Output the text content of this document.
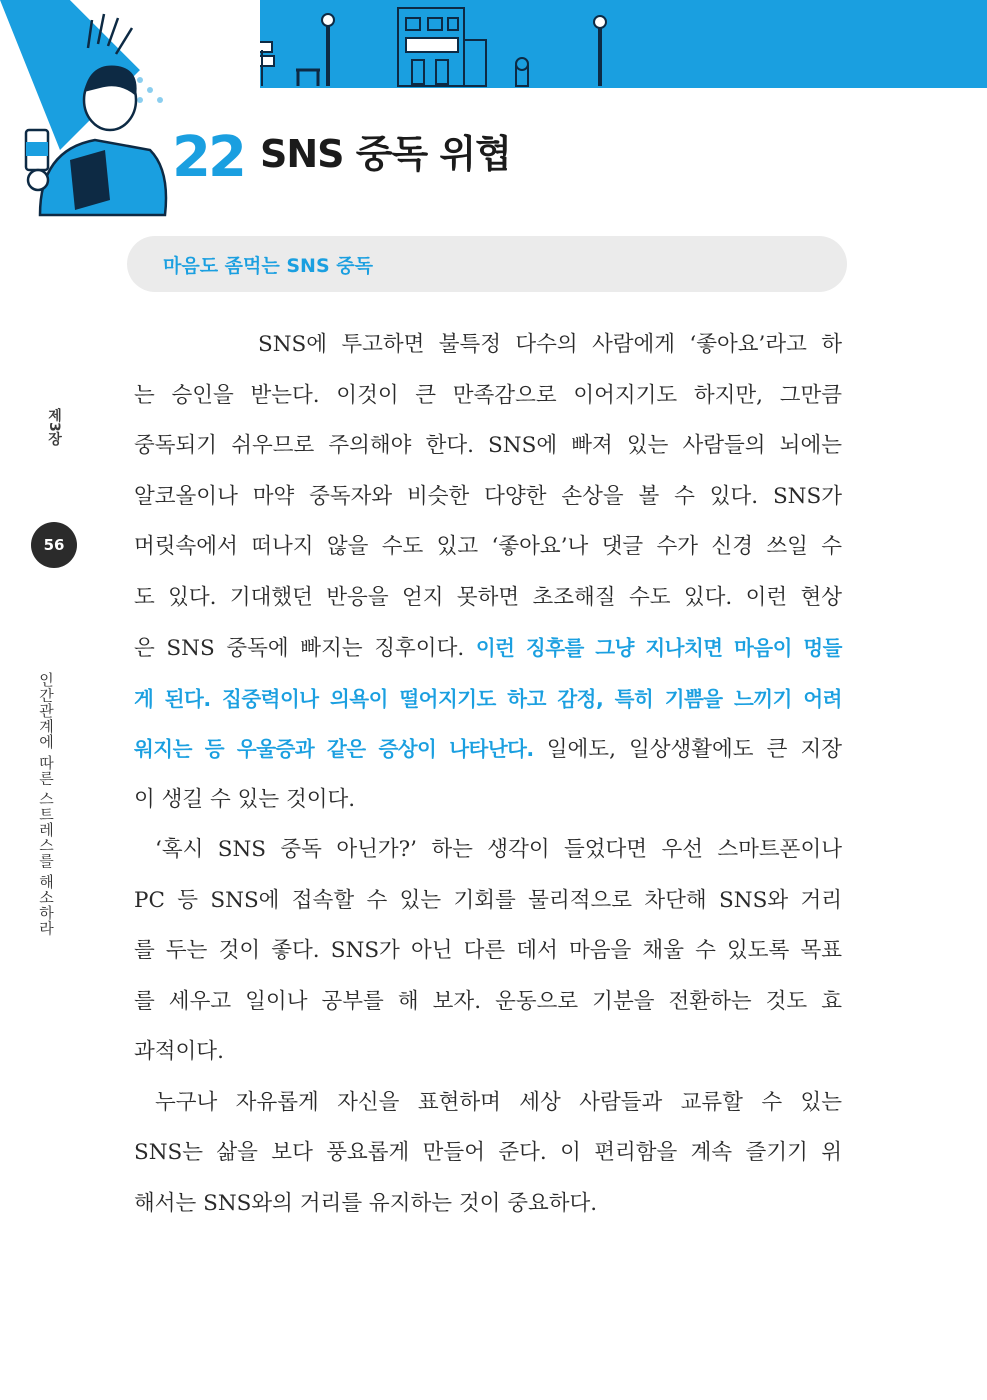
22 SNS 중독 위협
마음도 좀먹는 SNS 중독
제3장
56
인간관계에 따른 스트레스를 해소하라
SNS에 투고하면 불특정 다수의 사람에게 ‘좋아요’라고 하
는 승인을 받는다. 이것이 큰 만족감으로 이어지기도 하지만, 그만큼
중독되기 쉬우므로 주의해야 한다. SNS에 빠져 있는 사람들의 뇌에는
알코올이나 마약 중독자와 비슷한 다양한 손상을 볼 수 있다. SNS가
머릿속에서 떠나지 않을 수도 있고 ‘좋아요’나 댓글 수가 신경 쓰일 수
도 있다. 기대했던 반응을 얻지 못하면 초조해질 수도 있다. 이런 현상
은 SNS 중독에 빠지는 징후이다. 이런 징후를 그냥 지나치면 마음이 멍들
게 된다. 집중력이나 의욕이 떨어지기도 하고 감정, 특히 기쁨을 느끼기 어려
워지는 등 우울증과 같은 증상이 나타난다. 일에도, 일상생활에도 큰 지장
이 생길 수 있는 것이다.
‘혹시 SNS 중독 아닌가?’ 하는 생각이 들었다면 우선 스마트폰이나
PC 등 SNS에 접속할 수 있는 기회를 물리적으로 차단해 SNS와 거리
를 두는 것이 좋다. SNS가 아닌 다른 데서 마음을 채울 수 있도록 목표
를 세우고 일이나 공부를 해 보자. 운동으로 기분을 전환하는 것도 효
과적이다.
누구나 자유롭게 자신을 표현하며 세상 사람들과 교류할 수 있는
SNS는 삶을 보다 풍요롭게 만들어 준다. 이 편리함을 계속 즐기기 위
해서는 SNS와의 거리를 유지하는 것이 중요하다.
